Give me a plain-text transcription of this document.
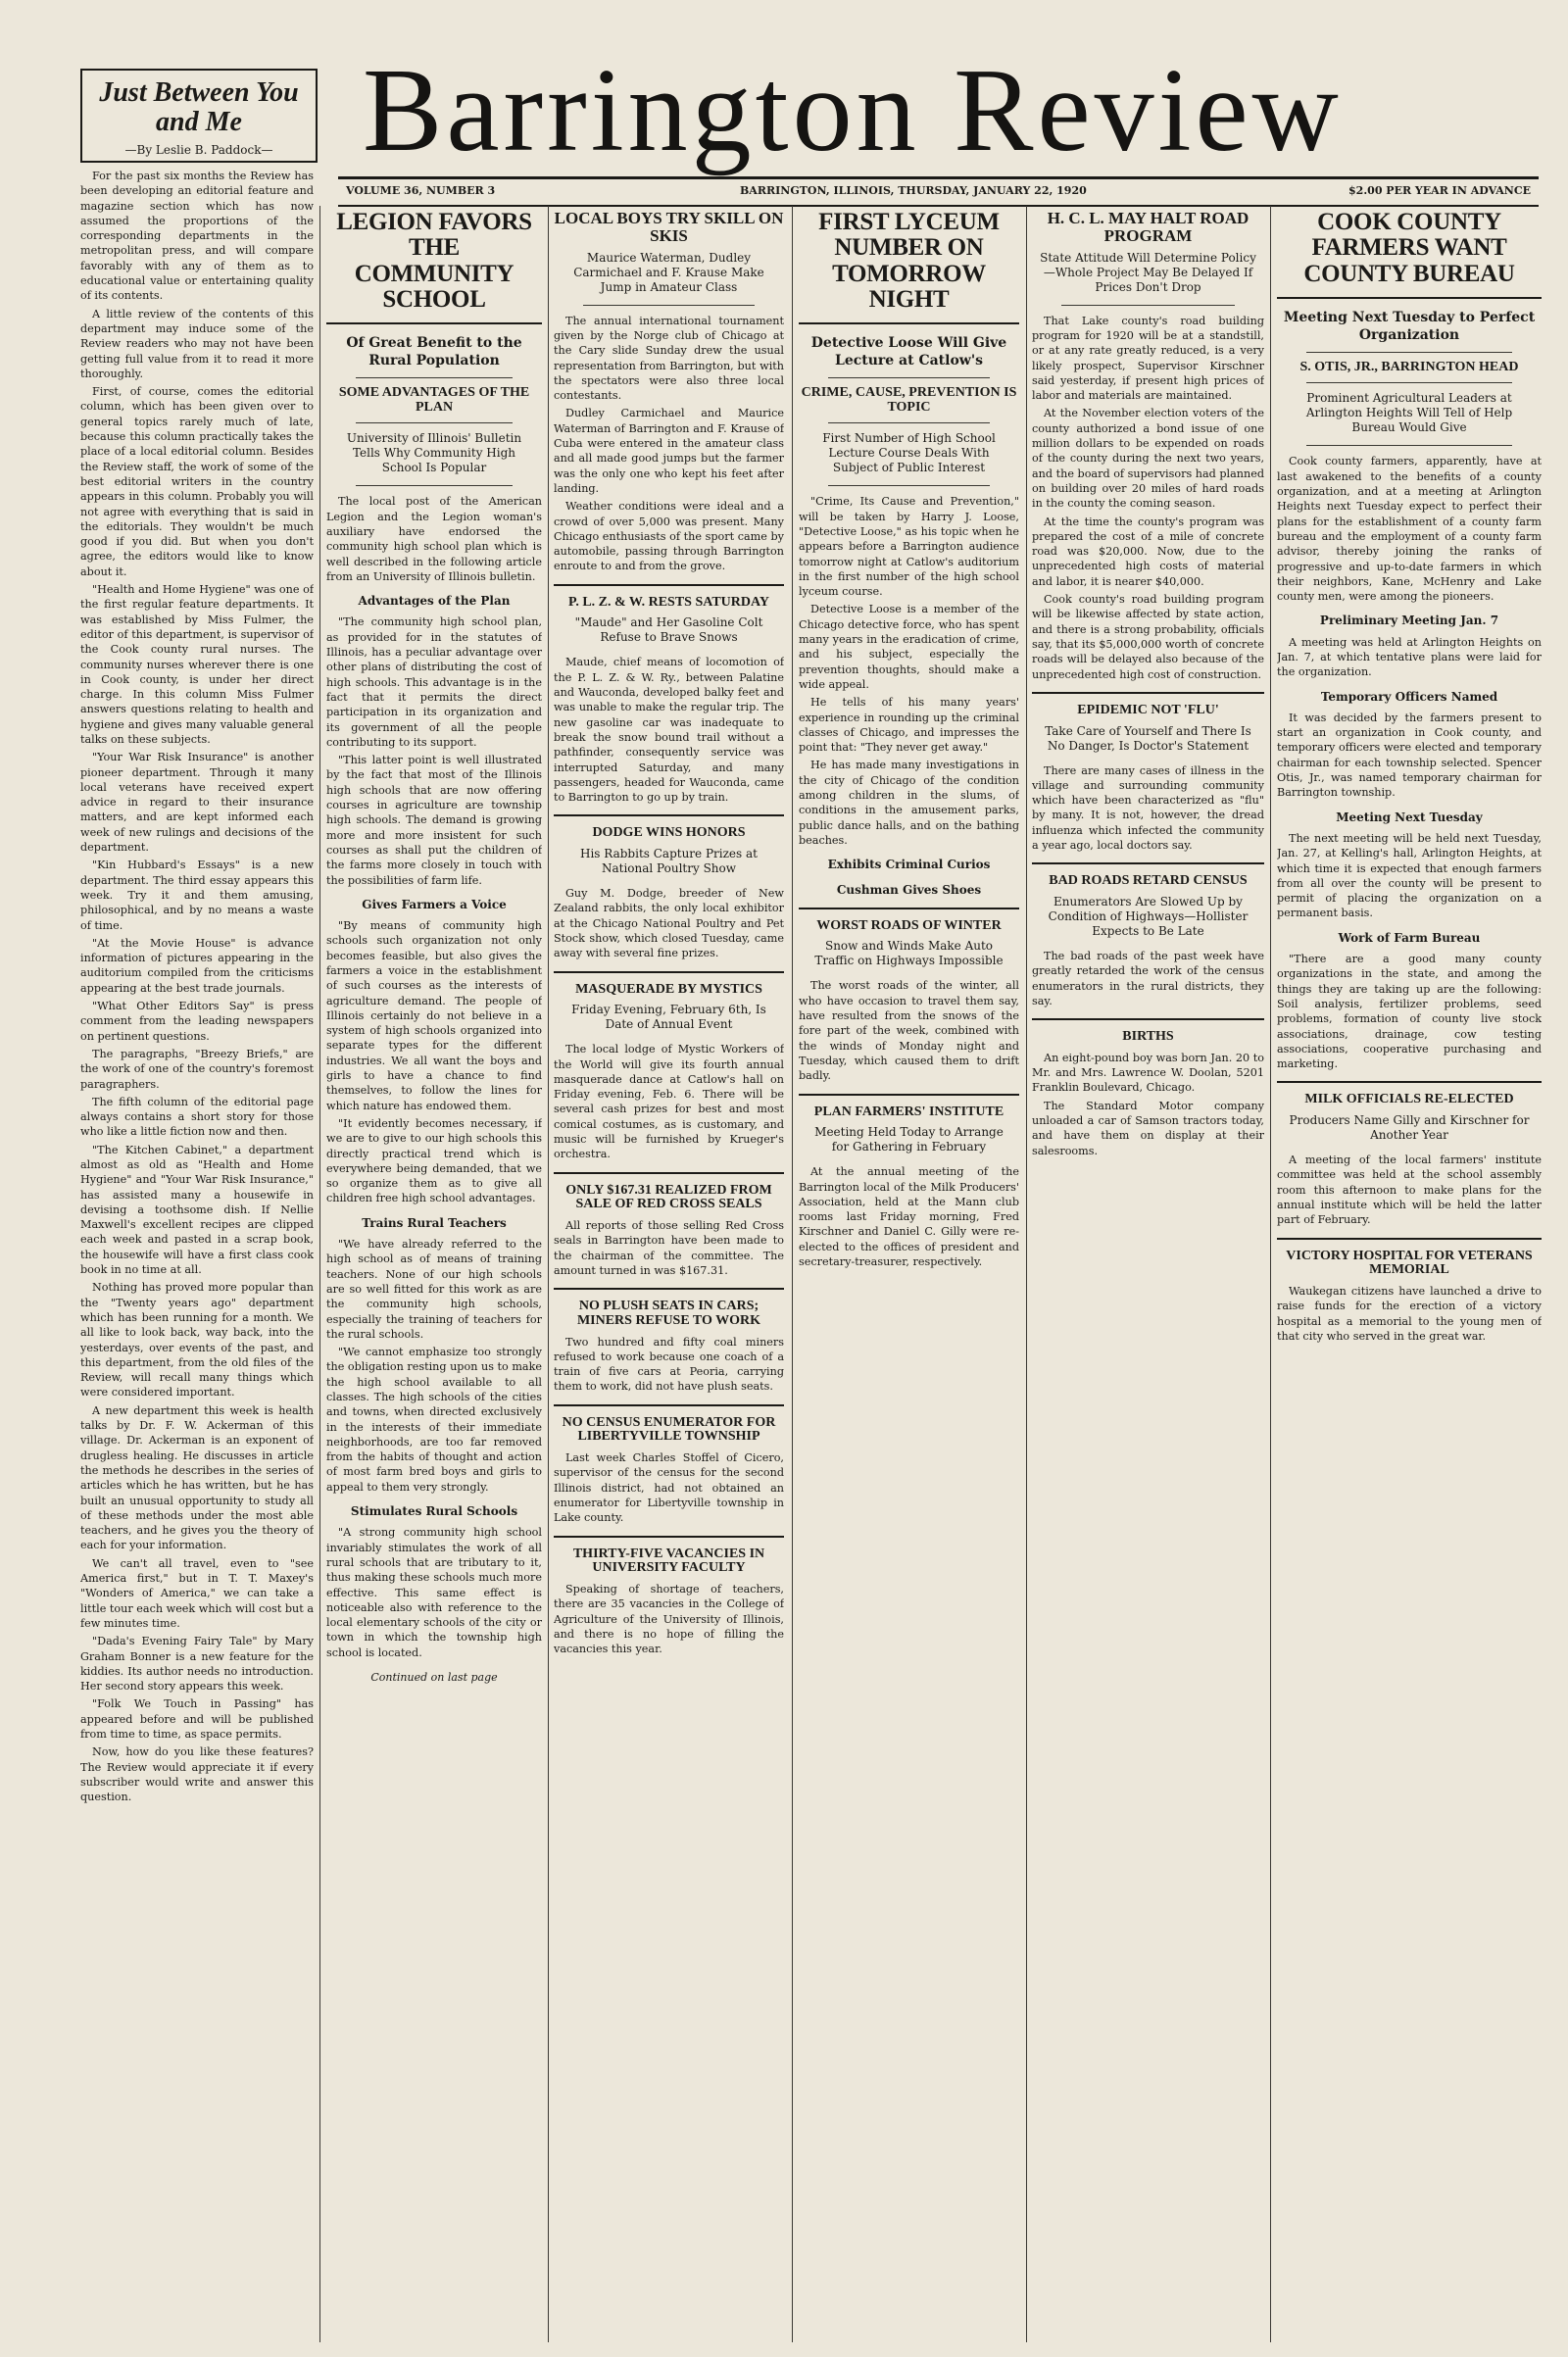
Barrington Review
VOLUME 36, NUMBER 3	BARRINGTON, ILLINOIS, THURSDAY, JANUARY 22, 1920	$2.00 PER YEAR IN ADVANCE
Just Between You and Me
—By Leslie B. Paddock—

For the past six months the Review has been developing an editorial feature and magazine section which has now assumed the proportions of the corresponding departments in the metropolitan press, and will compare favorably with any of them as to educational value or entertaining quality of its contents.

A little review of the contents of this department may induce some of the Review readers who may not have been getting full value from it to read it more thoroughly.

First, of course, comes the editorial column, which has been given over to general topics rarely much of late, because this column practically takes the place of a local editorial column. Besides the Review staff, the work of some of the best editorial writers in the country appears in this column. Probably you will not agree with everything that is said in the editorials. They wouldn't be much good if you did. But when you don't agree, the editors would like to know about it.

"Health and Home Hygiene" was one of the first regular feature departments. It was established by Miss Fulmer, the editor of this department, is supervisor of the Cook county rural nurses. The community nurses wherever there is one in Cook county, is under her direct charge. In this column Miss Fulmer answers questions relating to health and hygiene and gives many valuable general talks on these subjects.

"Your War Risk Insurance" is another pioneer department. Through it many local veterans have received expert advice in regard to their insurance matters, and are kept informed each week of new rulings and decisions of the department.

"Kin Hubbard's Essays" is a new department. The third essay appears this week. Try it and them amusing, philosophical, and by no means a waste of time.

"At the Movie House" is advance information of pictures appearing in the auditorium compiled from the criticisms appearing at the best trade journals.

"What Other Editors Say" is press comment from the leading newspapers on pertinent questions.

The paragraphs, "Breezy Briefs," are the work of one of the country's foremost paragraphers.

The fifth column of the editorial page always contains a short story for those who like a little fiction now and then.

"The Kitchen Cabinet," a department almost as old as "Health and Home Hygiene" and "Your War Risk Insurance," has assisted many a housewife in devising a toothsome dish. If Nellie Maxwell's excellent recipes are clipped each week and pasted in a scrap book, the housewife will have a first class cook book in no time at all.

Nothing has proved more popular than the "Twenty years ago" department which has been running for a month. We all like to look back, way back, into the yesterdays, over events of the past, and this department, from the old files of the Review, will recall many things which were considered important.

A new department this week is health talks by Dr. F. W. Ackerman of this village. Dr. Ackerman is an exponent of drugless healing. He discusses in article the methods he describes in the series of articles which he has written, but he has built an unusual opportunity to study all of these methods under the most able teachers, and he gives you the theory of each for your information.

We can't all travel, even to "see America first," but in T. T. Maxey's "Wonders of America," we can take a little tour each week which will cost but a few minutes time.

"Dada's Evening Fairy Tale" by Mary Graham Bonner is a new feature for the kiddies. Its author needs no introduction. Her second story appears this week.

"Folk We Touch in Passing" has appeared before and will be published from time to time, as space permits.

Now, how do you like these features? The Review would appreciate it if every subscriber would write and answer this question.

LEGION FAVORS THE COMMUNITY SCHOOL
Of Great Benefit to the Rural Population
SOME ADVANTAGES OF THE PLAN
University of Illinois' Bulletin Tells Why Community High School Is Popular

The local post of the American Legion and the Legion woman's auxiliary have endorsed the community high school plan which is well described in the following article from an University of Illinois bulletin.

Advantages of the Plan

"The community high school plan, as provided for in the statutes of Illinois, has a peculiar advantage over other plans of distributing the cost of high schools. This advantage is in the fact that it permits the direct participation in its organization and its government of all the people contributing to its support.

"This latter point is well illustrated by the fact that most of the Illinois high schools that are now offering courses in agriculture are township high schools. The demand is growing more and more insistent for such courses as shall put the children of the farms more closely in touch with the possibilities of farm life.

Gives Farmers a Voice

"By means of community high schools such organization not only becomes feasible, but also gives the farmers a voice in the establishment of such courses as the interests of agriculture demand. The people of Illinois certainly do not believe in a system of high schools organized into separate types for the different industries. We all want the boys and girls to have a chance to find themselves, to follow the lines for which nature has endowed them.

"It evidently becomes necessary, if we are to give to our high schools this directly practical trend which is everywhere being demanded, that we so organize them as to give all children free high school advantages.

Trains Rural Teachers

"We have already referred to the high school as of means of training teachers. None of our high schools are so well fitted for this work as are the community high schools, especially the training of teachers for the rural schools.

"We cannot emphasize too strongly the obligation resting upon us to make the high school available to all classes. The high schools of the cities and towns, when directed exclusively in the interests of their immediate neighborhoods, are too far removed from the habits of thought and action of most farm bred boys and girls to appeal to them very strongly.

Stimulates Rural Schools

"A strong community high school invariably stimulates the work of all rural schools that are tributary to it, thus making these schools much more effective. This same effect is noticeable also with reference to the local elementary schools of the city or town in which the township high school is located.

Continued on last page
LOCAL BOYS TRY SKILL ON SKIS
Maurice Waterman, Dudley Carmichael and F. Krause Make Jump in Amateur Class

The annual international tournament given by the Norge club of Chicago at the Cary slide Sunday drew the usual representation from Barrington, but with the spectators were also three local contestants.

Dudley Carmichael and Maurice Waterman of Barrington and F. Krause of Cuba were entered in the amateur class and all made good jumps but the farmer was the only one who kept his feet after landing.

Weather conditions were ideal and a crowd of over 5,000 was present. Many Chicago enthusiasts of the sport came by automobile, passing through Barrington enroute to and from the grove.

P. L. Z. & W. RESTS SATURDAY
"Maude" and Her Gasoline Colt Refuse to Brave Snows

Maude, chief means of locomotion of the P. L. Z. & W. Ry., between Palatine and Wauconda, developed balky feet and was unable to make the regular trip. The new gasoline car was inadequate to break the snow bound trail without a pathfinder, consequently service was interrupted Saturday, and many passengers, headed for Wauconda, came to Barrington to go up by train.

DODGE WINS HONORS
His Rabbits Capture Prizes at National Poultry Show

Guy M. Dodge, breeder of New Zealand rabbits, the only local exhibitor at the Chicago National Poultry and Pet Stock show, which closed Tuesday, came away with several fine prizes.

MASQUERADE BY MYSTICS
Friday Evening, February 6th, Is Date of Annual Event

The local lodge of Mystic Workers of the World will give its fourth annual masquerade dance at Catlow's hall on Friday evening, Feb. 6. There will be several cash prizes for best and most comical costumes, as is customary, and music will be furnished by Krueger's orchestra.

ONLY $167.31 REALIZED FROM SALE OF RED CROSS SEALS

All reports of those selling Red Cross seals in Barrington have been made to the chairman of the committee. The amount turned in was $167.31.

NO PLUSH SEATS IN CARS; MINERS REFUSE TO WORK

Two hundred and fifty coal miners refused to work because one coach of a train of five cars at Peoria, carrying them to work, did not have plush seats.

NO CENSUS ENUMERATOR FOR LIBERTYVILLE TOWNSHIP

Last week Charles Stoffel of Cicero, supervisor of the census for the second Illinois district, had not obtained an enumerator for Libertyville township in Lake county.

THIRTY-FIVE VACANCIES IN UNIVERSITY FACULTY

Speaking of shortage of teachers, there are 35 vacancies in the College of Agriculture of the University of Illinois, and there is no hope of filling the vacancies this year.

FIRST LYCEUM NUMBER ON TOMORROW NIGHT
Detective Loose Will Give Lecture at Catlow's
CRIME, CAUSE, PREVENTION IS TOPIC
First Number of High School Lecture Course Deals With Subject of Public Interest

"Crime, Its Cause and Prevention," will be taken by Harry J. Loose, "Detective Loose," as his topic when he appears before a Barrington audience tomorrow night at Catlow's auditorium in the first number of the high school lyceum course.

Detective Loose is a member of the Chicago detective force, who has spent many years in the eradication of crime, and his subject, especially the prevention thoughts, should make a wide appeal.

He tells of his many years' experience in rounding up the criminal classes of Chicago, and impresses the point that: "They never get away."

He has made many investigations in the city of Chicago of the condition among children in the slums, of conditions in the amusement parks, public dance halls, and on the bathing beaches.

Exhibits Criminal Curios
Cushman Gives Shoes
WORST ROADS OF WINTER
Snow and Winds Make Auto Traffic on Highways Impossible

The worst roads of the winter, all who have occasion to travel them say, have resulted from the snows of the fore part of the week, combined with the winds of Monday night and Tuesday, which caused them to drift badly.

PLAN FARMERS' INSTITUTE
Meeting Held Today to Arrange for Gathering in February

At the annual meeting of the Barrington local of the Milk Producers' Association, held at the Mann club rooms last Friday morning, Fred Kirschner and Daniel C. Gilly were re-elected to the offices of president and secretary-treasurer, respectively.

H. C. L. MAY HALT ROAD PROGRAM
State Attitude Will Determine Policy—Whole Project May Be Delayed If Prices Don't Drop

That Lake county's road building program for 1920 will be at a standstill, or at any rate greatly reduced, is a very likely prospect, Supervisor Kirschner said yesterday, if present high prices of labor and materials are maintained.

At the November election voters of the county authorized a bond issue of one million dollars to be expended on roads of the county during the next two years, and the board of supervisors had planned on building over 20 miles of hard roads in the county the coming season.

At the time the county's program was prepared the cost of a mile of concrete road was $20,000. Now, due to the unprecedented high costs of material and labor, it is nearer $40,000.

Cook county's road building program will be likewise affected by state action, and there is a strong probability, officials say, that its $5,000,000 worth of concrete roads will be delayed also because of the unprecedented high cost of construction.

EPIDEMIC NOT 'FLU'
Take Care of Yourself and There Is No Danger, Is Doctor's Statement

There are many cases of illness in the village and surrounding community which have been characterized as "flu" by many. It is not, however, the dread influenza which infected the community a year ago, local doctors say.

BAD ROADS RETARD CENSUS
Enumerators Are Slowed Up by Condition of Highways—Hollister Expects to Be Late

The bad roads of the past week have greatly retarded the work of the census enumerators in the rural districts, they say.

BIRTHS

An eight-pound boy was born Jan. 20 to Mr. and Mrs. Lawrence W. Doolan, 5201 Franklin Boulevard, Chicago.

The Standard Motor company unloaded a car of Samson tractors today, and have them on display at their salesrooms.

COOK COUNTY FARMERS WANT COUNTY BUREAU
Meeting Next Tuesday to Perfect Organization
S. OTIS, JR., BARRINGTON HEAD
Prominent Agricultural Leaders at Arlington Heights Will Tell of Help Bureau Would Give

Cook county farmers, apparently, have at last awakened to the benefits of a county organization, and at a meeting at Arlington Heights next Tuesday expect to perfect their plans for the establishment of a county farm bureau and the employment of a county farm advisor, thereby joining the ranks of progressive and up-to-date farmers in which their neighbors, Kane, McHenry and Lake county men, were among the pioneers.

Preliminary Meeting Jan. 7

A meeting was held at Arlington Heights on Jan. 7, at which tentative plans were laid for the organization.

Temporary Officers Named

It was decided by the farmers present to start an organization in Cook county, and temporary officers were elected and temporary chairman for each township selected. Spencer Otis, Jr., was named temporary chairman for Barrington township.

Meeting Next Tuesday

The next meeting will be held next Tuesday, Jan. 27, at Kelling's hall, Arlington Heights, at which time it is expected that enough farmers from all over the county will be present to permit of placing the organization on a permanent basis.

Work of Farm Bureau

"There are a good many county organizations in the state, and among the things they are taking up are the following: Soil analysis, fertilizer problems, seed problems, formation of county live stock associations, drainage, cow testing associations, cooperative purchasing and marketing.

MILK OFFICIALS RE-ELECTED
Producers Name Gilly and Kirschner for Another Year

A meeting of the local farmers' institute committee was held at the school assembly room this afternoon to make plans for the annual institute which will be held the latter part of February.

VICTORY HOSPITAL FOR VETERANS MEMORIAL

Waukegan citizens have launched a drive to raise funds for the erection of a victory hospital as a memorial to the young men of that city who served in the great war.
